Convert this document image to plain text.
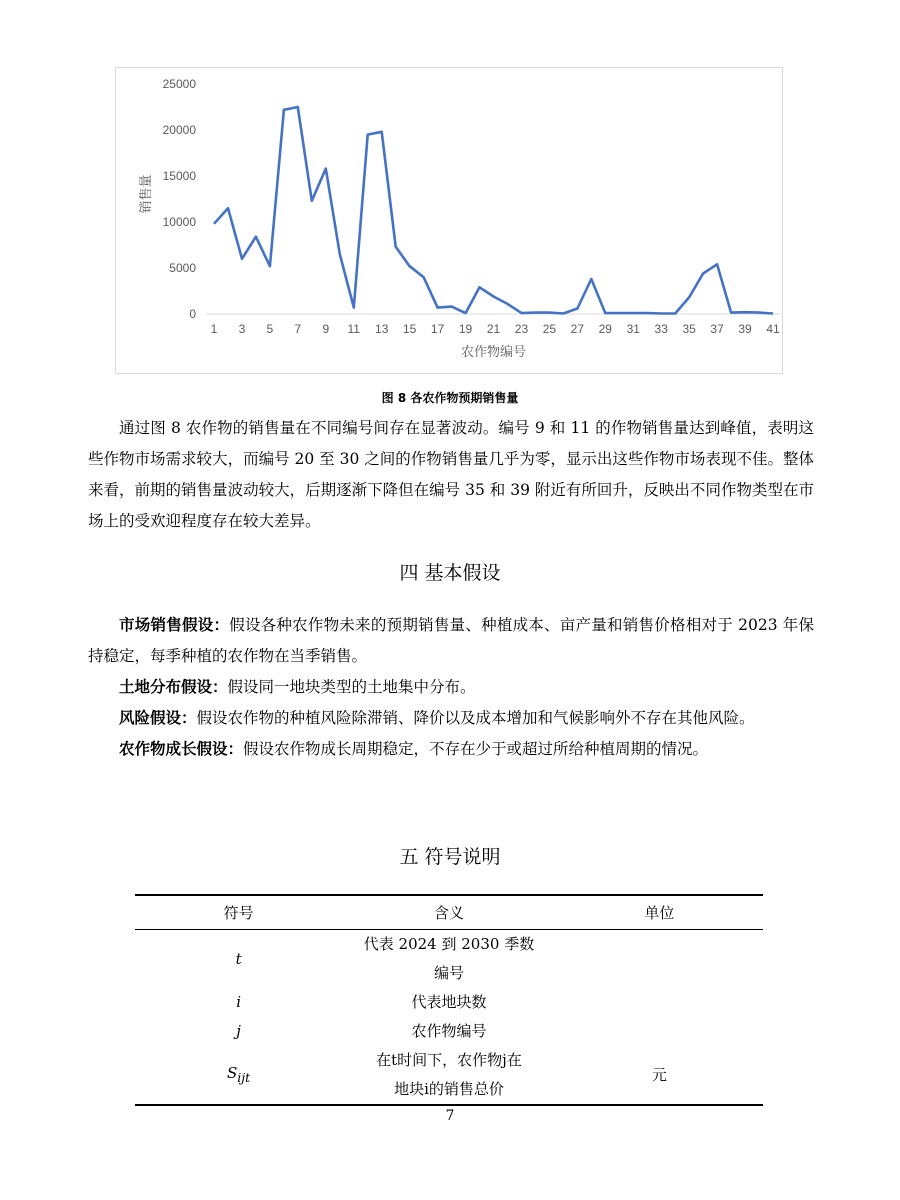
0
5000
10000
15000
20000
25000
1 3 5 7 9 11 13 15 17 19 21 23 25 27 29 31 33 35 37 39 41
销售量
农作物编号
图 8 各农作物预期销售量

通过图 8 农作物的销售量在不同编号间存在显著波动。编号 9 和 11 的作物销售量达到峰值，表明这些作物市场需求较大，而编号 20 至 30 之间的作物销售量几乎为零，显示出这些作物市场表现不佳。整体来看，前期的销售量波动较大，后期逐渐下降但在编号 35 和 39 附近有所回升，反映出不同作物类型在市场上的受欢迎程度存在较大差异。

四 基本假设

市场销售假设：假设各种农作物未来的预期销售量、种植成本、亩产量和销售价格相对于 2023 年保持稳定，每季种植的农作物在当季销售。

土地分布假设：假设同一地块类型的土地集中分布。

风险假设：假设农作物的种植风险除滞销、降价以及成本增加和气候影响外不存在其他风险。

农作物成长假设：假设农作物成长周期稳定，不存在少于或超过所给种植周期的情况。

五 符号说明
符号	含义	单位
t	代表 2024 到 2030 季数
编号	

i	代表地块数	
j	农作物编号	
$S_{ijt}$	在t时间下，农作物j在
地块i的销售总价	元
7
